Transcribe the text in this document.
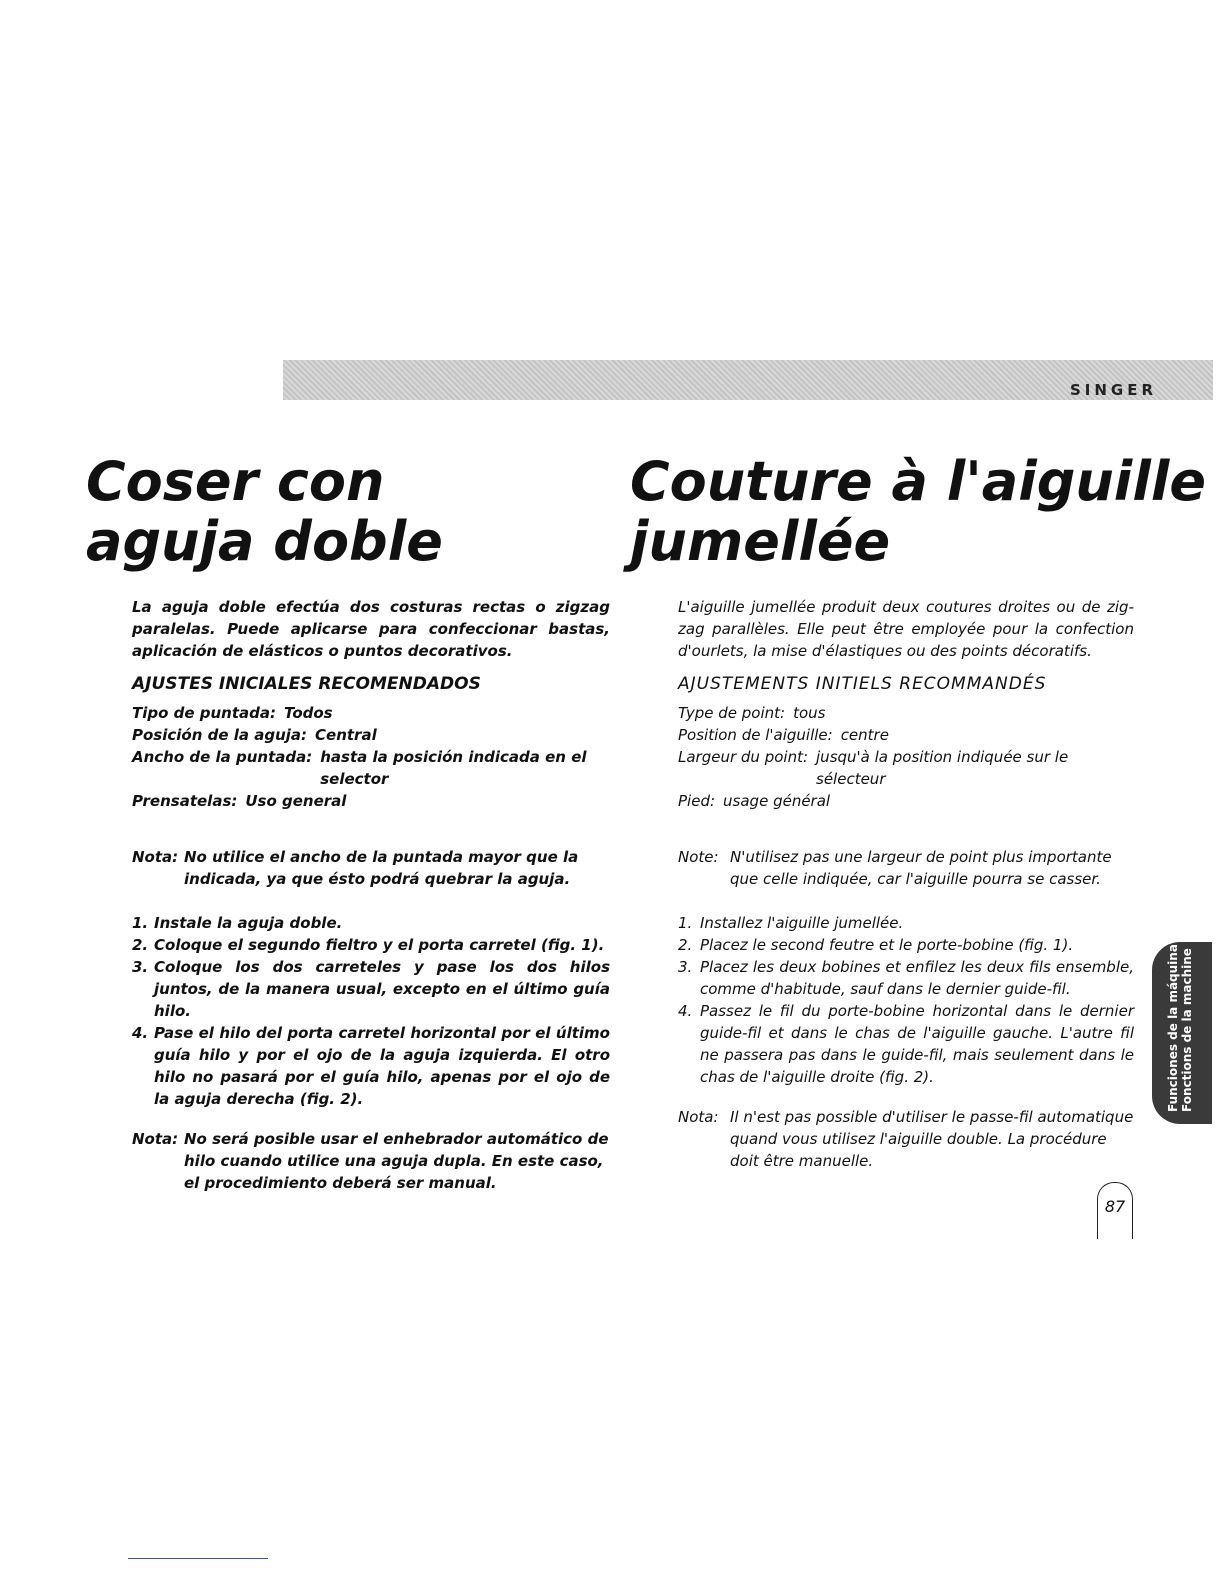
SINGER
Coser con
aguja doble
Couture à l'aiguille
jumellée

La aguja doble efectúa dos costuras rectas o zigzag paralelas. Puede aplicarse para confeccionar bastas, aplicación de elásticos o puntos decorativos.

AJUSTES INICIALES RECOMENDADOS

Tipo de puntada: Todos
Posición de la aguja: Central
Ancho de la puntada: hasta la posición indicada en el selector
Prensatelas: Uso general
Nota: No utilice el ancho de la puntada mayor que la indicada, ya que ésto podrá quebrar la aguja.
1. Instale la aguja doble.
2. Coloque el segundo fieltro y el porta carretel (fig. 1).
3. Coloque los dos carreteles y pase los dos hilos juntos, de la manera usual, excepto en el último guía hilo.
4. Pase el hilo del porta carretel horizontal por el último guía hilo y por el ojo de la aguja izquierda. El otro hilo no pasará por el guía hilo, apenas por el ojo de la aguja derecha (fig. 2).
Nota: No será posible usar el enhebrador automático de hilo cuando utilice una aguja dupla. En este caso, el procedimiento deberá ser manual.

L'aiguille jumellée produit deux coutures droites ou de zig-zag parallèles. Elle peut être employée pour la confection d'ourlets, la mise d'élastiques ou des points décoratifs.

AJUSTEMENTS INITIELS RECOMMANDÉS

Type de point: tous
Position de l'aiguille: centre
Largeur du point: jusqu'à la position indiquée sur le sélecteur
Pied: usage général
Note: N'utilisez pas une largeur de point plus importante que celle indiquée, car l'aiguille pourra se casser.
1. Installez l'aiguille jumellée.
2. Placez le second feutre et le porte-bobine (fig. 1).
3. Placez les deux bobines et enfilez les deux fils ensemble, comme d'habitude, sauf dans le dernier guide-fil.
4. Passez le fil du porte-bobine horizontal dans le dernier guide-fil et dans le chas de l'aiguille gauche. L'autre fil ne passera pas dans le guide-fil, mais seulement dans le chas de l'aiguille droite (fig. 2).
Nota: Il n'est pas possible d'utiliser le passe-fil automatique quand vous utilisez l'aiguille double. La procédure doit être manuelle.
Funciones de la máquina Fonctions de la machine
87
